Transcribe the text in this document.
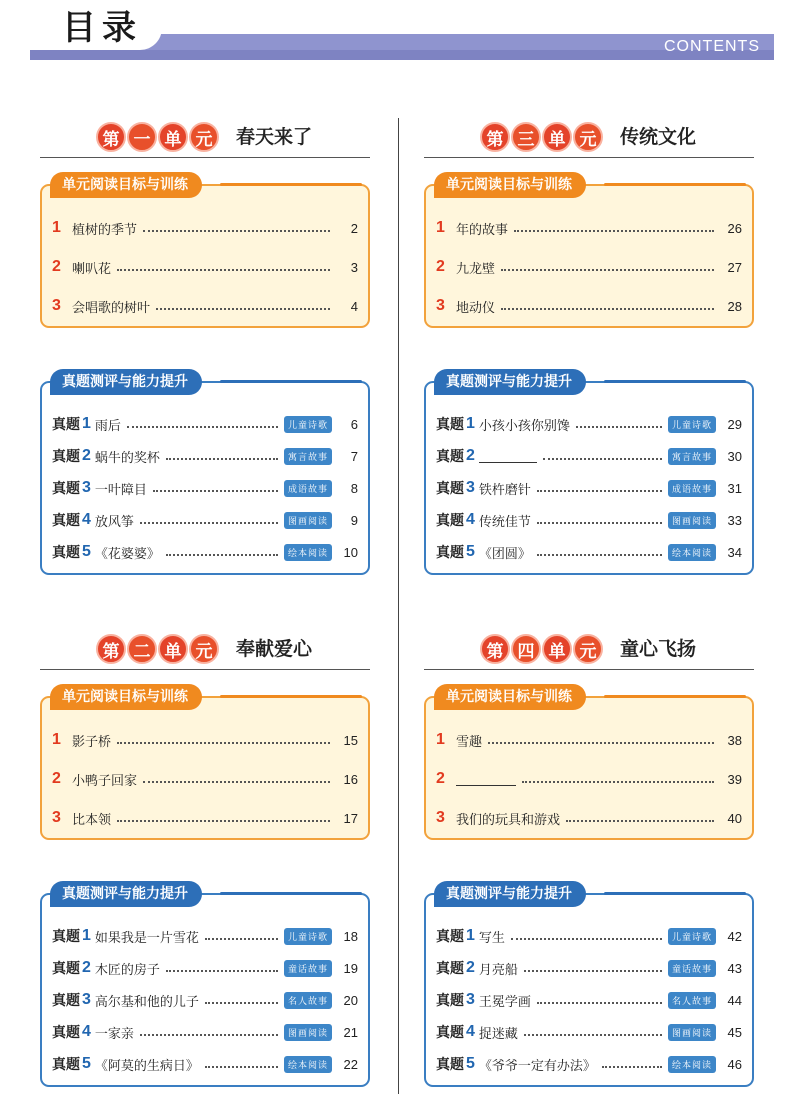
目录	CONTENTS
第 一 单 元	春天来了
单元阅读目标与训练
1 植树的季节	2
2 喇叭花	3
3 会唱歌的树叶	4
真题测评与能力提升
真题 1 雨后	儿童诗歌	6
真题 2 蜗牛的奖杯	寓言故事	7
真题 3 一叶障目	成语故事	8
真题 4 放风筝	图画阅读	9
真题 5 《花婆婆》	绘本阅读	10
第 二 单 元	奉献爱心
单元阅读目标与训练
1 影子桥	15
2 小鸭子回家	16
3 比本领	17
真题测评与能力提升
真题 1 如果我是一片雪花	儿童诗歌	18
真题 2 木匠的房子	童话故事	19
真题 3 高尔基和他的儿子	名人故事	20
真题 4 一家亲	图画阅读	21
真题 5 《阿莫的生病日》	绘本阅读	22
第 三 单 元	传统文化
单元阅读目标与训练
1 年的故事	26
2 九龙壁	27
3 地动仪	28
真题测评与能力提升
真题 1 小孩小孩你别馋	儿童诗歌	29
真题 2	寓言故事	30
真题 3 铁杵磨针	成语故事	31
真题 4 传统佳节	图画阅读	33
真题 5 《团圆》	绘本阅读	34
第 四 单 元	童心飞扬
单元阅读目标与训练
1 雪趣	38
2	39
3 我们的玩具和游戏	40
真题测评与能力提升
真题 1 写生	儿童诗歌	42
真题 2 月亮船	童话故事	43
真题 3 王冕学画	名人故事	44
真题 4 捉迷藏	图画阅读	45
真题 5 《爷爷一定有办法》	绘本阅读	46
